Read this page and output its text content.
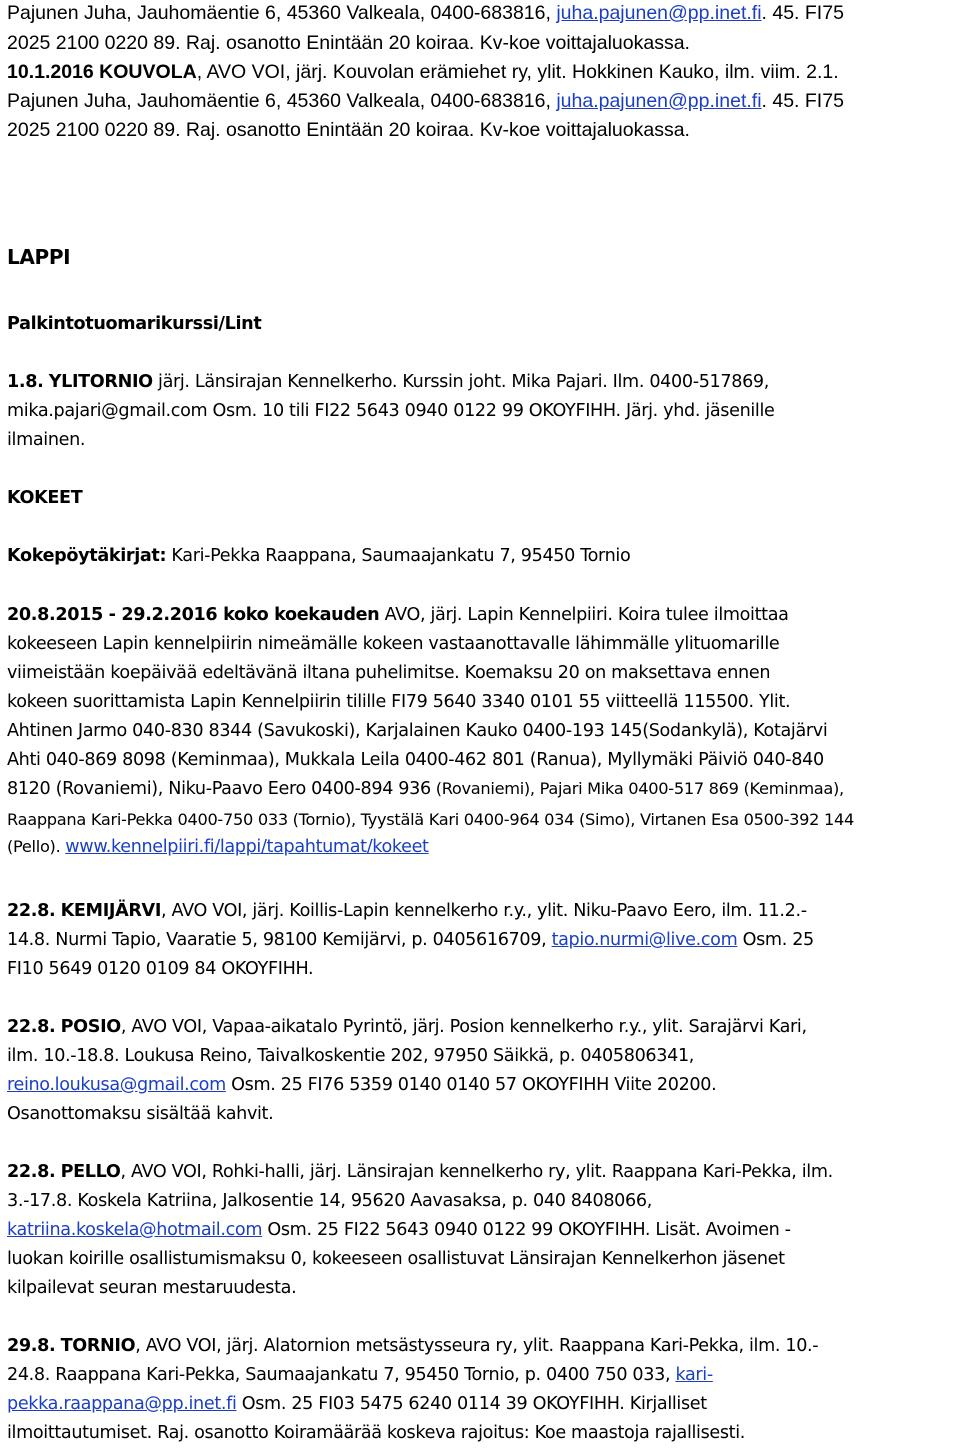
Pajunen Juha, Jauhomäentie 6, 45360 Valkeala, 0400-683816, juha.pajunen@pp.inet.fi. 45. FI75
2025 2100 0220 89. Raj. osanotto Enintään 20 koiraa. Kv-koe voittajaluokassa.
10.1.2016 KOUVOLA, AVO VOI, järj. Kouvolan erämiehet ry, ylit. Hokkinen Kauko, ilm. viim. 2.1.
Pajunen Juha, Jauhomäentie 6, 45360 Valkeala, 0400-683816, juha.pajunen@pp.inet.fi. 45. FI75
2025 2100 0220 89. Raj. osanotto Enintään 20 koiraa. Kv-koe voittajaluokassa.
LAPPI
Palkintotuomarikurssi/Lint
1.8. YLITORNIO järj. Länsirajan Kennelkerho. Kurssin joht. Mika Pajari. Ilm. 0400-517869,
mika.pajari@gmail.com Osm. 10 tili FI22 5643 0940 0122 99 OKOYFIHH. Järj. yhd. jäsenille
ilmainen.
KOKEET
Kokepöytäkirjat: Kari-Pekka Raappana, Saumaajankatu 7, 95450 Tornio
20.8.2015 - 29.2.2016 koko koekauden AVO, järj. Lapin Kennelpiiri. Koira tulee ilmoittaa
kokeeseen Lapin kennelpiirin nimeämälle kokeen vastaanottavalle lähimmälle ylituomarille
viimeistään koepäivää edeltävänä iltana puhelimitse. Koemaksu 20 on maksettava ennen
kokeen suorittamista Lapin Kennelpiirin tilille FI79 5640 3340 0101 55 viitteellä 115500. Ylit.
Ahtinen Jarmo 040-830 8344 (Savukoski), Karjalainen Kauko 0400-193 145(Sodankylä), Kotajärvi
Ahti 040-869 8098 (Keminmaa), Mukkala Leila 0400-462 801 (Ranua), Myllymäki Päiviö 040-840
8120 (Rovaniemi), Niku-Paavo Eero 0400-894 936 (Rovaniemi), Pajari Mika 0400-517 869 (Keminmaa),
Raappana Kari-Pekka 0400-750 033 (Tornio), Tyystälä Kari 0400-964 034 (Simo), Virtanen Esa 0500-392 144
(Pello). www.kennelpiiri.fi/lappi/tapahtumat/kokeet
22.8. KEMIJÄRVI, AVO VOI, järj. Koillis-Lapin kennelkerho r.y., ylit. Niku-Paavo Eero, ilm. 11.2.-
14.8. Nurmi Tapio, Vaaratie 5, 98100 Kemijärvi, p. 0405616709, tapio.nurmi@live.com Osm. 25
FI10 5649 0120 0109 84 OKOYFIHH.
22.8. POSIO, AVO VOI, Vapaa-aikatalo Pyrintö, järj. Posion kennelkerho r.y., ylit. Sarajärvi Kari,
ilm. 10.-18.8. Loukusa Reino, Taivalkoskentie 202, 97950 Säikkä, p. 0405806341,
reino.loukusa@gmail.com Osm. 25 FI76 5359 0140 0140 57 OKOYFIHH Viite 20200.
Osanottomaksu sisältää kahvit.
22.8. PELLO, AVO VOI, Rohki-halli, järj. Länsirajan kennelkerho ry, ylit. Raappana Kari-Pekka, ilm.
3.-17.8. Koskela Katriina, Jalkosentie 14, 95620 Aavasaksa, p. 040 8408066,
katriina.koskela@hotmail.com Osm. 25 FI22 5643 0940 0122 99 OKOYFIHH. Lisät. Avoimen -
luokan koirille osallistumismaksu 0, kokeeseen osallistuvat Länsirajan Kennelkerhon jäsenet
kilpailevat seuran mestaruudesta.
29.8. TORNIO, AVO VOI, järj. Alatornion metsästysseura ry, ylit. Raappana Kari-Pekka, ilm. 10.-
24.8. Raappana Kari-Pekka, Saumaajankatu 7, 95450 Tornio, p. 0400 750 033, kari-
pekka.raappana@pp.inet.fi Osm. 25 FI03 5475 6240 0114 39 OKOYFIHH. Kirjalliset
ilmoittautumiset. Raj. osanotto Koiramäärää koskeva rajoitus: Koe maastoja rajallisesti.
